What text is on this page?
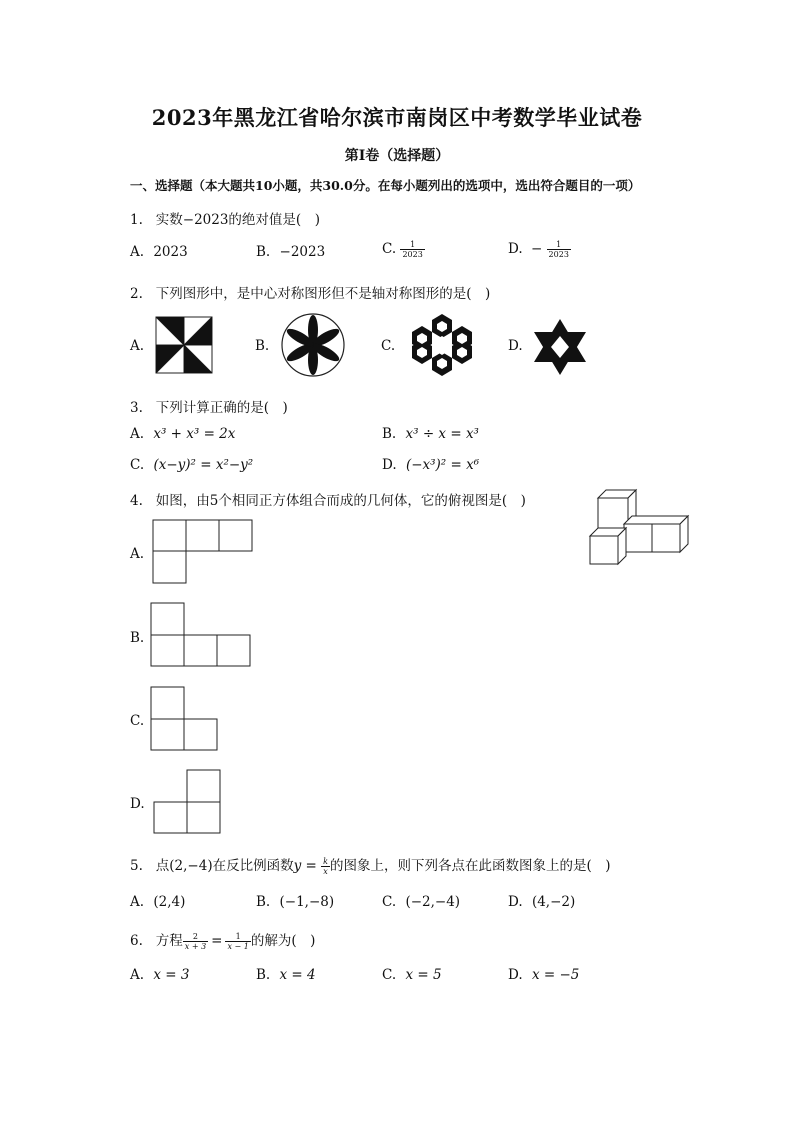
2023年黑龙江省哈尔滨市南岗区中考数学毕业试卷
第I卷（选择题）
一、选择题（本大题共10小题，共30.0分。在每小题列出的选项中，选出符合题目的一项）
1. 实数−2023的绝对值是(　)
A. 2023	B. −2023	C. $\frac{1}{2023}$	D. − $\frac{1}{2023}$
2. 下列图形中，是中心对称图形但不是轴对称图形的是(　)
A.	B.	C.	D.
3. 下列计算正确的是(　)
A. x³ + x³ = 2x	B. x³ ÷ x = x³
C. (x−y)² = x²−y²	D. (−x³)² = x⁶
4. 如图，由5个相同正方体组合而成的几何体，它的俯视图是(　)
A.
B.
C.
D.
5. 点(2,−4)在反比例函数$y = \frac{k}{x}$ 的图象上，则下列各点在此函数图象上的是(　)
A. (2,4)	B. (−1,−8)	C. (−2,−4)	D. (4,−2)
6. 方程 $\frac{2}{x + 3} = \frac{1}{x - 1}$ 的解为(　)
A. x = 3	B. x = 4	C. x = 5	D. x = −5
